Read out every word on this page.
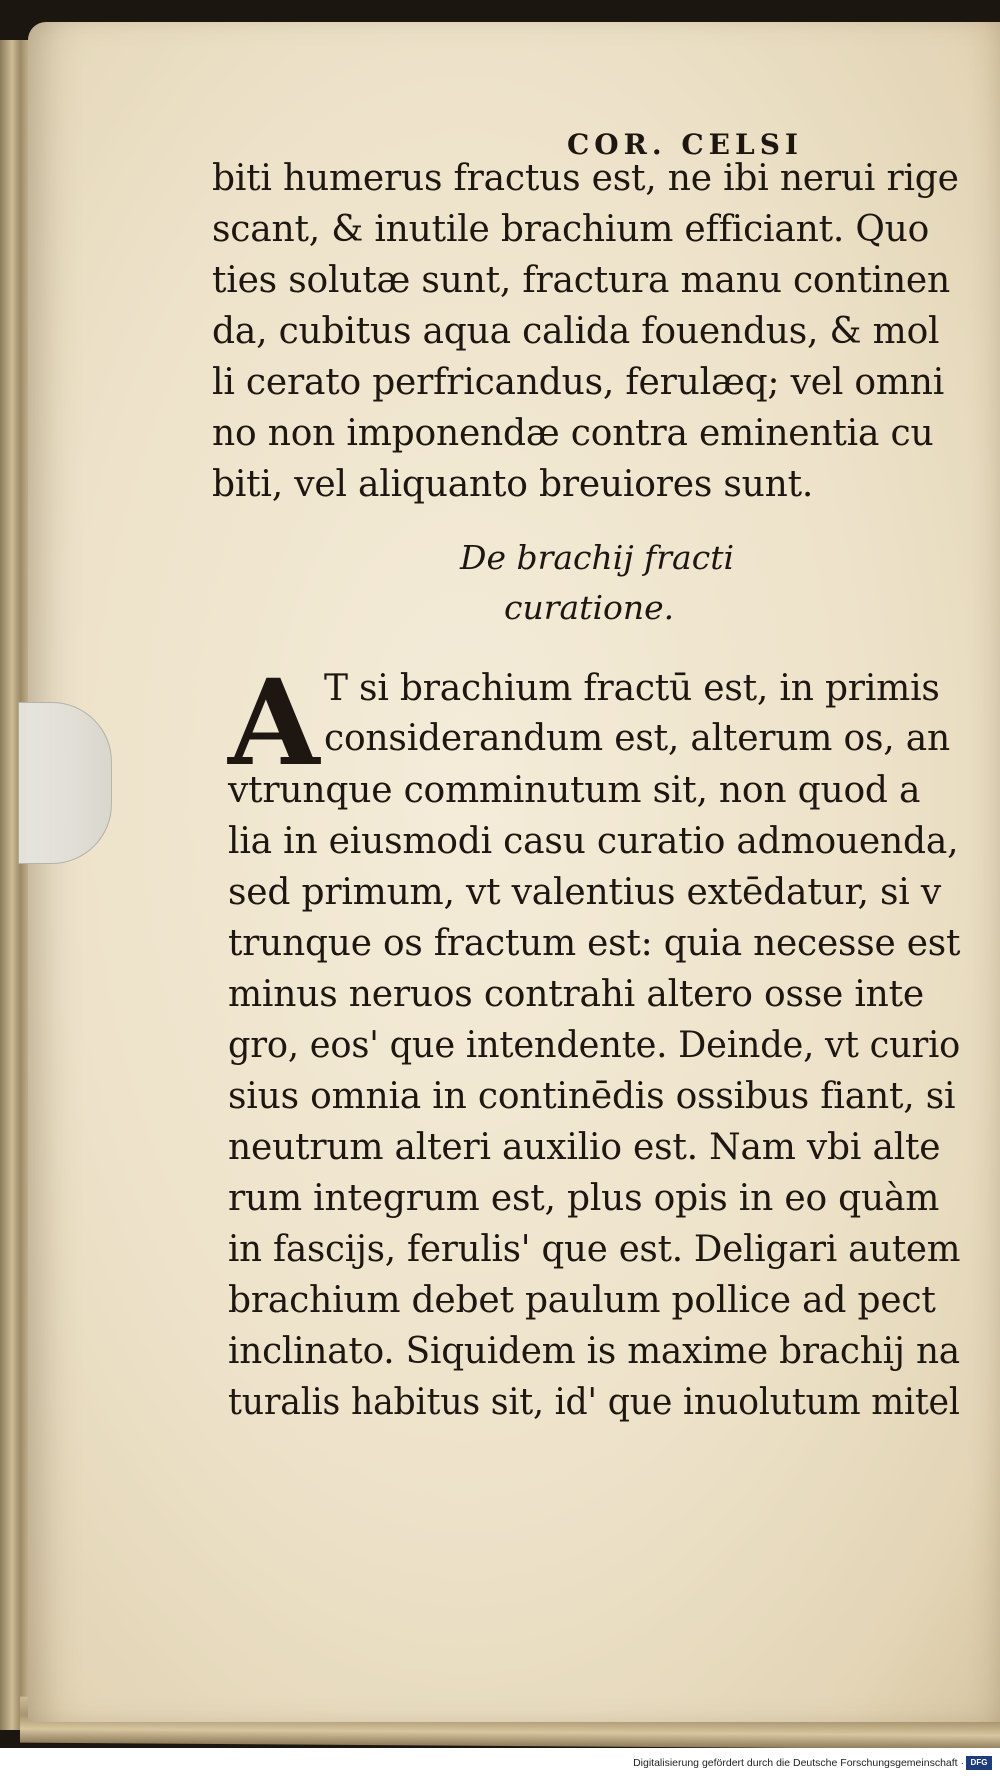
COR. CELSI
biti humerus fractus est, ne ibi nerui rige
scant, & inutile brachium efficiant. Quo
ties solutæ sunt, fractura manu continen
da, cubitus aqua calida fouendus, & mol
li cerato perfricandus, ferulæq; vel omni
no non imponendæ contra eminentia cu
biti, vel aliquanto breuiores sunt.
De brachij fracti
curatione.
A T si brachium fractū est, in primis
considerandum est, alterum os, an
vtrunque comminutum sit, non quod a
lia in eiusmodi casu curatio admouenda,
sed primum, vt valentius extēdatur, si v
trunque os fractum est: quia necesse est
minus neruos contrahi altero osse inte
gro, eos' que intendente. Deinde, vt curio
sius omnia in continēdis ossibus fiant, si
neutrum alteri auxilio est. Nam vbi alte
rum integrum est, plus opis in eo quàm
in fascijs, ferulis' que est. Deligari autem
brachium debet paulum pollice ad pect
inclinato. Siquidem is maxime brachij na
turalis habitus sit, id' que inuolutum mitel
Digitalisierung gefördert durch die Deutsche Forschungsgemeinschaft · DFG
